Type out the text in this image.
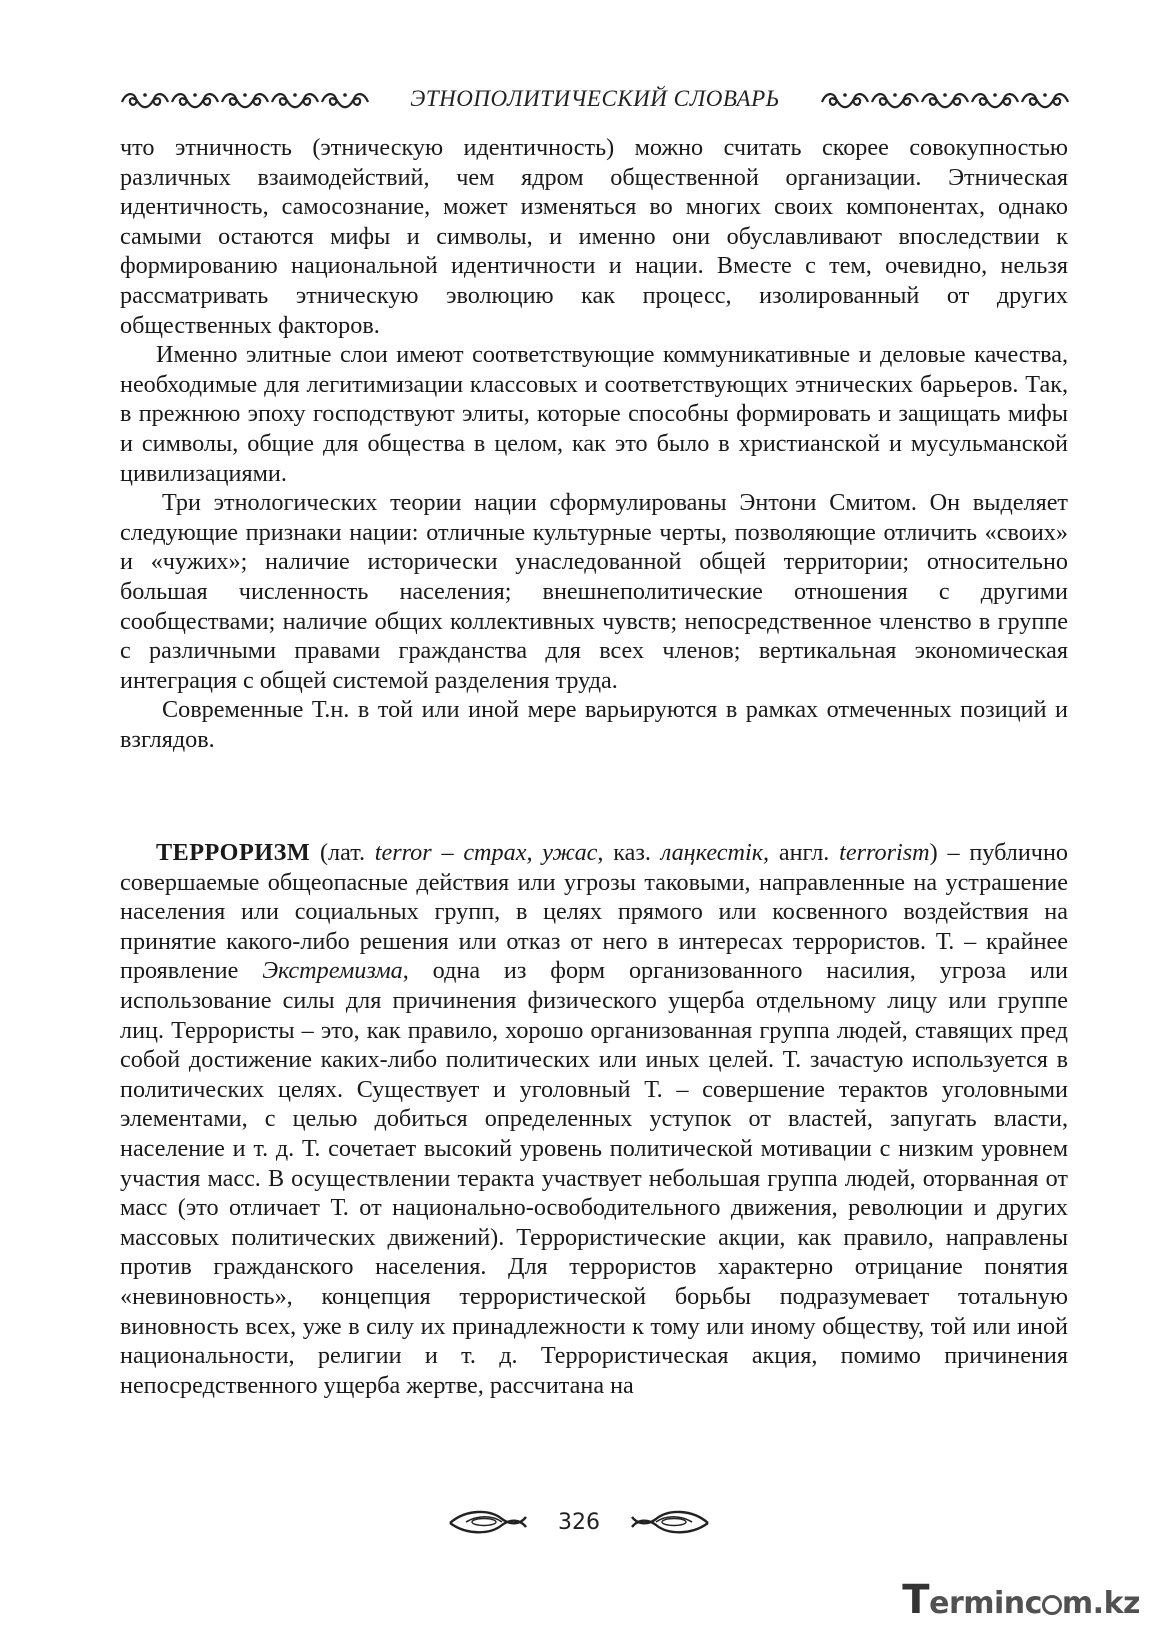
ЭТНОПОЛИТИЧЕСКИЙ СЛОВАРЬ

что этничность (этническую идентичность) можно считать скорее совокупностью различных взаимодействий, чем ядром общественной организации. Этническая идентичность, самосознание, может изменяться во многих своих компонентах, однако самыми остаются мифы и символы, и именно они обуславливают впоследствии к формированию национальной идентичности и нации. Вместе с тем, очевидно, нельзя рассматривать этническую эволюцию как процесс, изолированный от других общественных факторов.

Именно элитные слои имеют соответствующие коммуникативные и деловые качества, необходимые для легитимизации классовых и соответствующих этнических барьеров. Так, в прежнюю эпоху господствуют элиты, которые способны формировать и защищать мифы и символы, общие для общества в целом, как это было в христианской и мусульманской цивилизациями.

Три этнологических теории нации сформулированы Энтони Смитом. Он выделяет следующие признаки нации: отличные культурные черты, позволяющие отличить «своих» и «чужих»; наличие исторически унаследованной общей территории; относительно большая численность населения; внешнеполитические отношения с другими сообществами; наличие общих коллективных чувств; непосредственное членство в группе с различными правами гражданства для всех членов; вертикальная экономическая интеграция с общей системой разделения труда.

Современные Т.н. в той или иной мере варьируются в рамках отмеченных позиций и взглядов.

ТЕРРОРИЗМ (лат. terror – страх, ужас, каз. лаңкестік, англ. terrorism) – публично совершаемые общеопасные действия или угрозы таковыми, направленные на устрашение населения или социальных групп, в целях прямого или косвенного воздействия на принятие какого-либо решения или отказ от него в интересах террористов. Т. – крайнее проявление Экстремизма, одна из форм организованного насилия, угроза или использование силы для причинения физического ущерба отдельному лицу или группе лиц. Террористы – это, как правило, хорошо организованная группа людей, ставящих пред собой достижение каких-либо политических или иных целей. Т. зачастую используется в политических целях. Существует и уголовный Т. – совершение терактов уголовными элементами, с целью добиться определенных уступок от властей, запугать власти, население и т. д. Т. сочетает высокий уровень политической мотивации с низким уровнем участия масс. В осуществлении теракта участвует небольшая группа людей, оторванная от масс (это отличает Т. от национально-освободительного движения, революции и других массовых политических движений). Террористические акции, как правило, направлены против гражданского населения. Для террористов характерно отрицание понятия «невиновность», концепция террористической борьбы подразумевает тотальную виновность всех, уже в силу их принадлежности к тому или иному обществу, той или иной национальности, религии и т. д. Террористическая акция, помимо причинения непосредственного ущерба жертве, рассчитана на

326
Terminc m.kz
